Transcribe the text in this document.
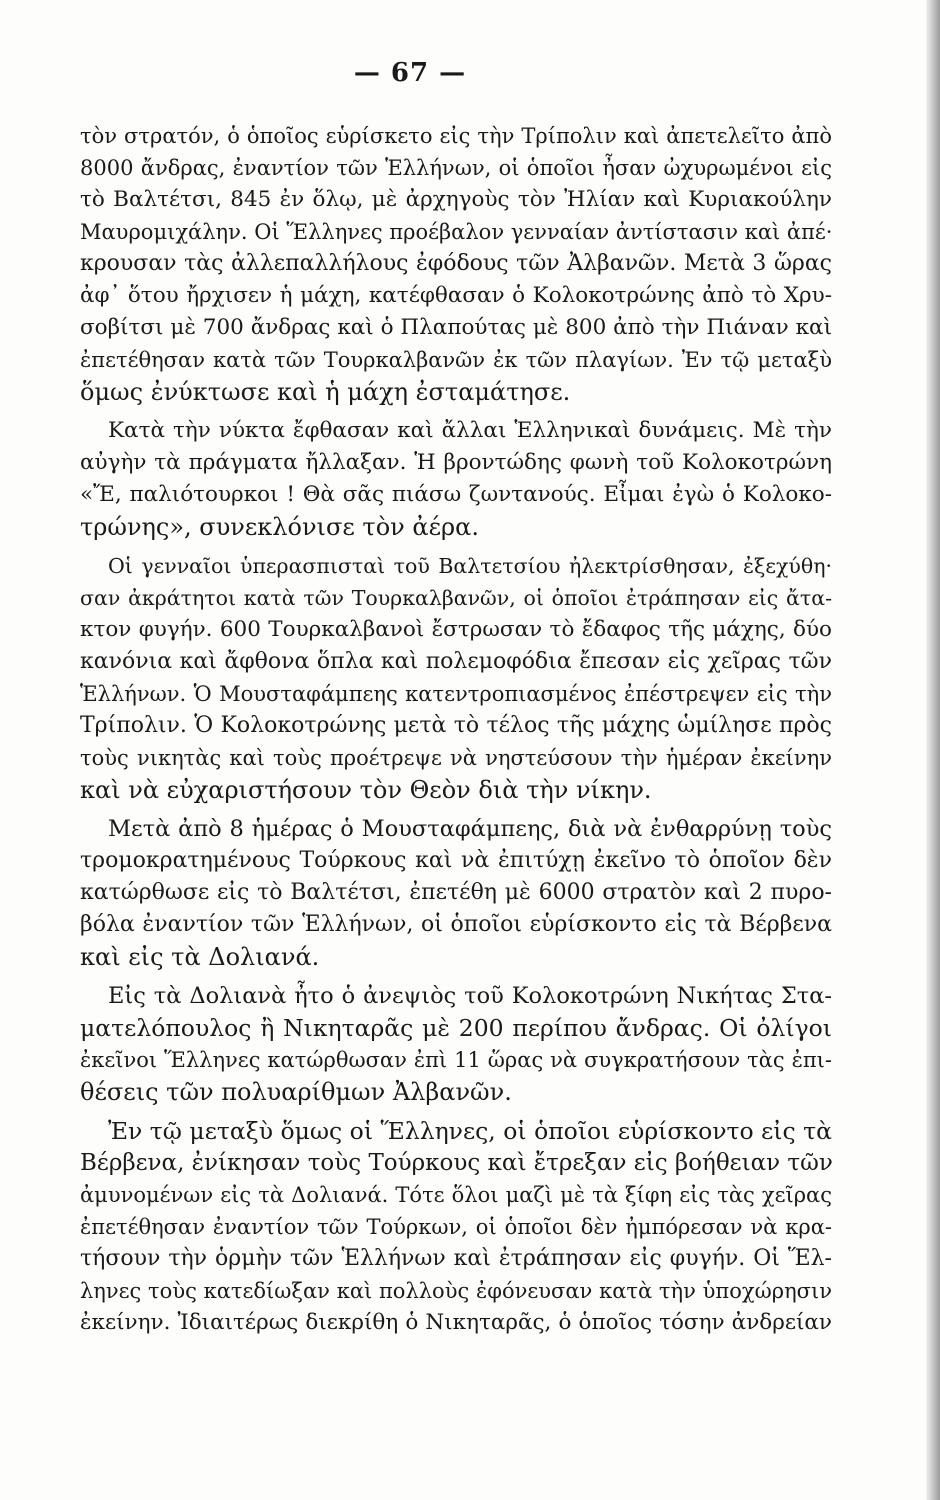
— 67 —
τὸν στρατόν, ὁ ὁποῖος εὑρίσκετο εἰς τὴν Τρίπολιν καὶ ἀπετελεῖτο ἀπὸ
8000 ἄνδρας, ἐναντίον τῶν Ἑλλήνων, οἱ ὁποῖοι ἦσαν ὠχυρωμένοι εἰς
τὸ Βαλτέτσι, 845 ἐν ὅλῳ, μὲ ἀρχηγοὺς τὸν Ἠλίαν καὶ Κυριακούλην
Μαυρομιχάλην. Οἱ Ἕλληνες προέβαλον γενναίαν ἀντίστασιν καὶ ἀπέ·
κρουσαν τὰς ἀλλεπαλλήλους ἐφόδους τῶν Ἀλβανῶν. Μετὰ 3 ὥρας
ἀφ᾿ ὅτου ἤρχισεν ἡ μάχη, κατέφθασαν ὁ Κολοκοτρώνης ἀπὸ τὸ Χρυ-
σοβίτσι μὲ 700 ἄνδρας καὶ ὁ Πλαπούτας μὲ 800 ἀπὸ τὴν Πιάναν καὶ
ἐπετέθησαν κατὰ τῶν Τουρκαλβανῶν ἐκ τῶν πλαγίων. Ἐν τῷ μεταξὺ
ὅμως ἐνύκτωσε καὶ ἡ μάχη ἐσταμάτησε.
Κατὰ τὴν νύκτα ἔφθασαν καὶ ἄλλαι Ἑλληνικαὶ δυνάμεις. Μὲ τὴν
αὐγὴν τὰ πράγματα ἤλλαξαν. Ἡ βροντώδης φωνὴ τοῦ Κολοκοτρώνη
«Ἔ, παλιότουρκοι ! Θὰ σᾶς πιάσω ζωντανούς. Εἶμαι ἐγὼ ὁ Κολοκο-
τρώνης», συνεκλόνισε τὸν ἀέρα.
Οἱ γενναῖοι ὑπερασπισταὶ τοῦ Βαλτετσίου ἠλεκτρίσθησαν, ἐξεχύθη·
σαν ἀκράτητοι κατὰ τῶν Τουρκαλβανῶν, οἱ ὁποῖοι ἐτράπησαν εἰς ἄτα-
κτον φυγήν. 600 Τουρκαλβανοὶ ἔστρωσαν τὸ ἔδαφος τῆς μάχης, δύο
κανόνια καὶ ἄφθονα ὅπλα καὶ πολεμοφόδια ἔπεσαν εἰς χεῖρας τῶν
Ἑλλήνων. Ὁ Μουσταφάμπεης κατεντροπιασμένος ἐπέστρεψεν εἰς τὴν
Τρίπολιν. Ὁ Κολοκοτρώνης μετὰ τὸ τέλος τῆς μάχης ὡμίλησε πρὸς
τοὺς νικητὰς καὶ τοὺς προέτρεψε νὰ νηστεύσουν τὴν ἡμέραν ἐκείνην
καὶ νὰ εὐχαριστήσουν τὸν Θεὸν διὰ τὴν νίκην.
Μετὰ ἀπὸ 8 ἡμέρας ὁ Μουσταφάμπεης, διὰ νὰ ἐνθαρρύνῃ τοὺς
τρομοκρατημένους Τούρκους καὶ νὰ ἐπιτύχῃ ἐκεῖνο τὸ ὁποῖον δὲν
κατώρθωσε εἰς τὸ Βαλτέτσι, ἐπετέθη μὲ 6000 στρατὸν καὶ 2 πυρο-
βόλα ἐναντίον τῶν Ἑλλήνων, οἱ ὁποῖοι εὑρίσκοντο εἰς τὰ Βέρβενα
καὶ εἰς τὰ Δολιανά.
Εἰς τὰ Δολιανὰ ἦτο ὁ ἀνεψιὸς τοῦ Κολοκοτρώνη Νικήτας Στα-
ματελόπουλος ἢ Νικηταρᾶς μὲ 200 περίπου ἄνδρας. Οἱ ὀλίγοι
ἐκεῖνοι Ἕλληνες κατώρθωσαν ἐπὶ 11 ὥρας νὰ συγκρατήσουν τὰς ἐπι-
θέσεις τῶν πολυαρίθμων Ἀλβανῶν.
Ἐν τῷ μεταξὺ ὅμως οἱ Ἕλληνες, οἱ ὁποῖοι εὑρίσκοντο εἰς τὰ
Βέρβενα, ἐνίκησαν τοὺς Τούρκους καὶ ἔτρεξαν εἰς βοήθειαν τῶν
ἀμυνομένων εἰς τὰ Δολιανά. Τότε ὅλοι μαζὶ μὲ τὰ ξίφη εἰς τὰς χεῖρας
ἐπετέθησαν ἐναντίον τῶν Τούρκων, οἱ ὁποῖοι δὲν ἠμπόρεσαν νὰ κρα-
τήσουν τὴν ὁρμὴν τῶν Ἑλλήνων καὶ ἐτράπησαν εἰς φυγήν. Οἱ Ἕλ-
ληνες τοὺς κατεδίωξαν καὶ πολλοὺς ἐφόνευσαν κατὰ τὴν ὑποχώρησιν
ἐκείνην. Ἰδιαιτέρως διεκρίθη ὁ Νικηταρᾶς, ὁ ὁποῖος τόσην ἀνδρείαν
